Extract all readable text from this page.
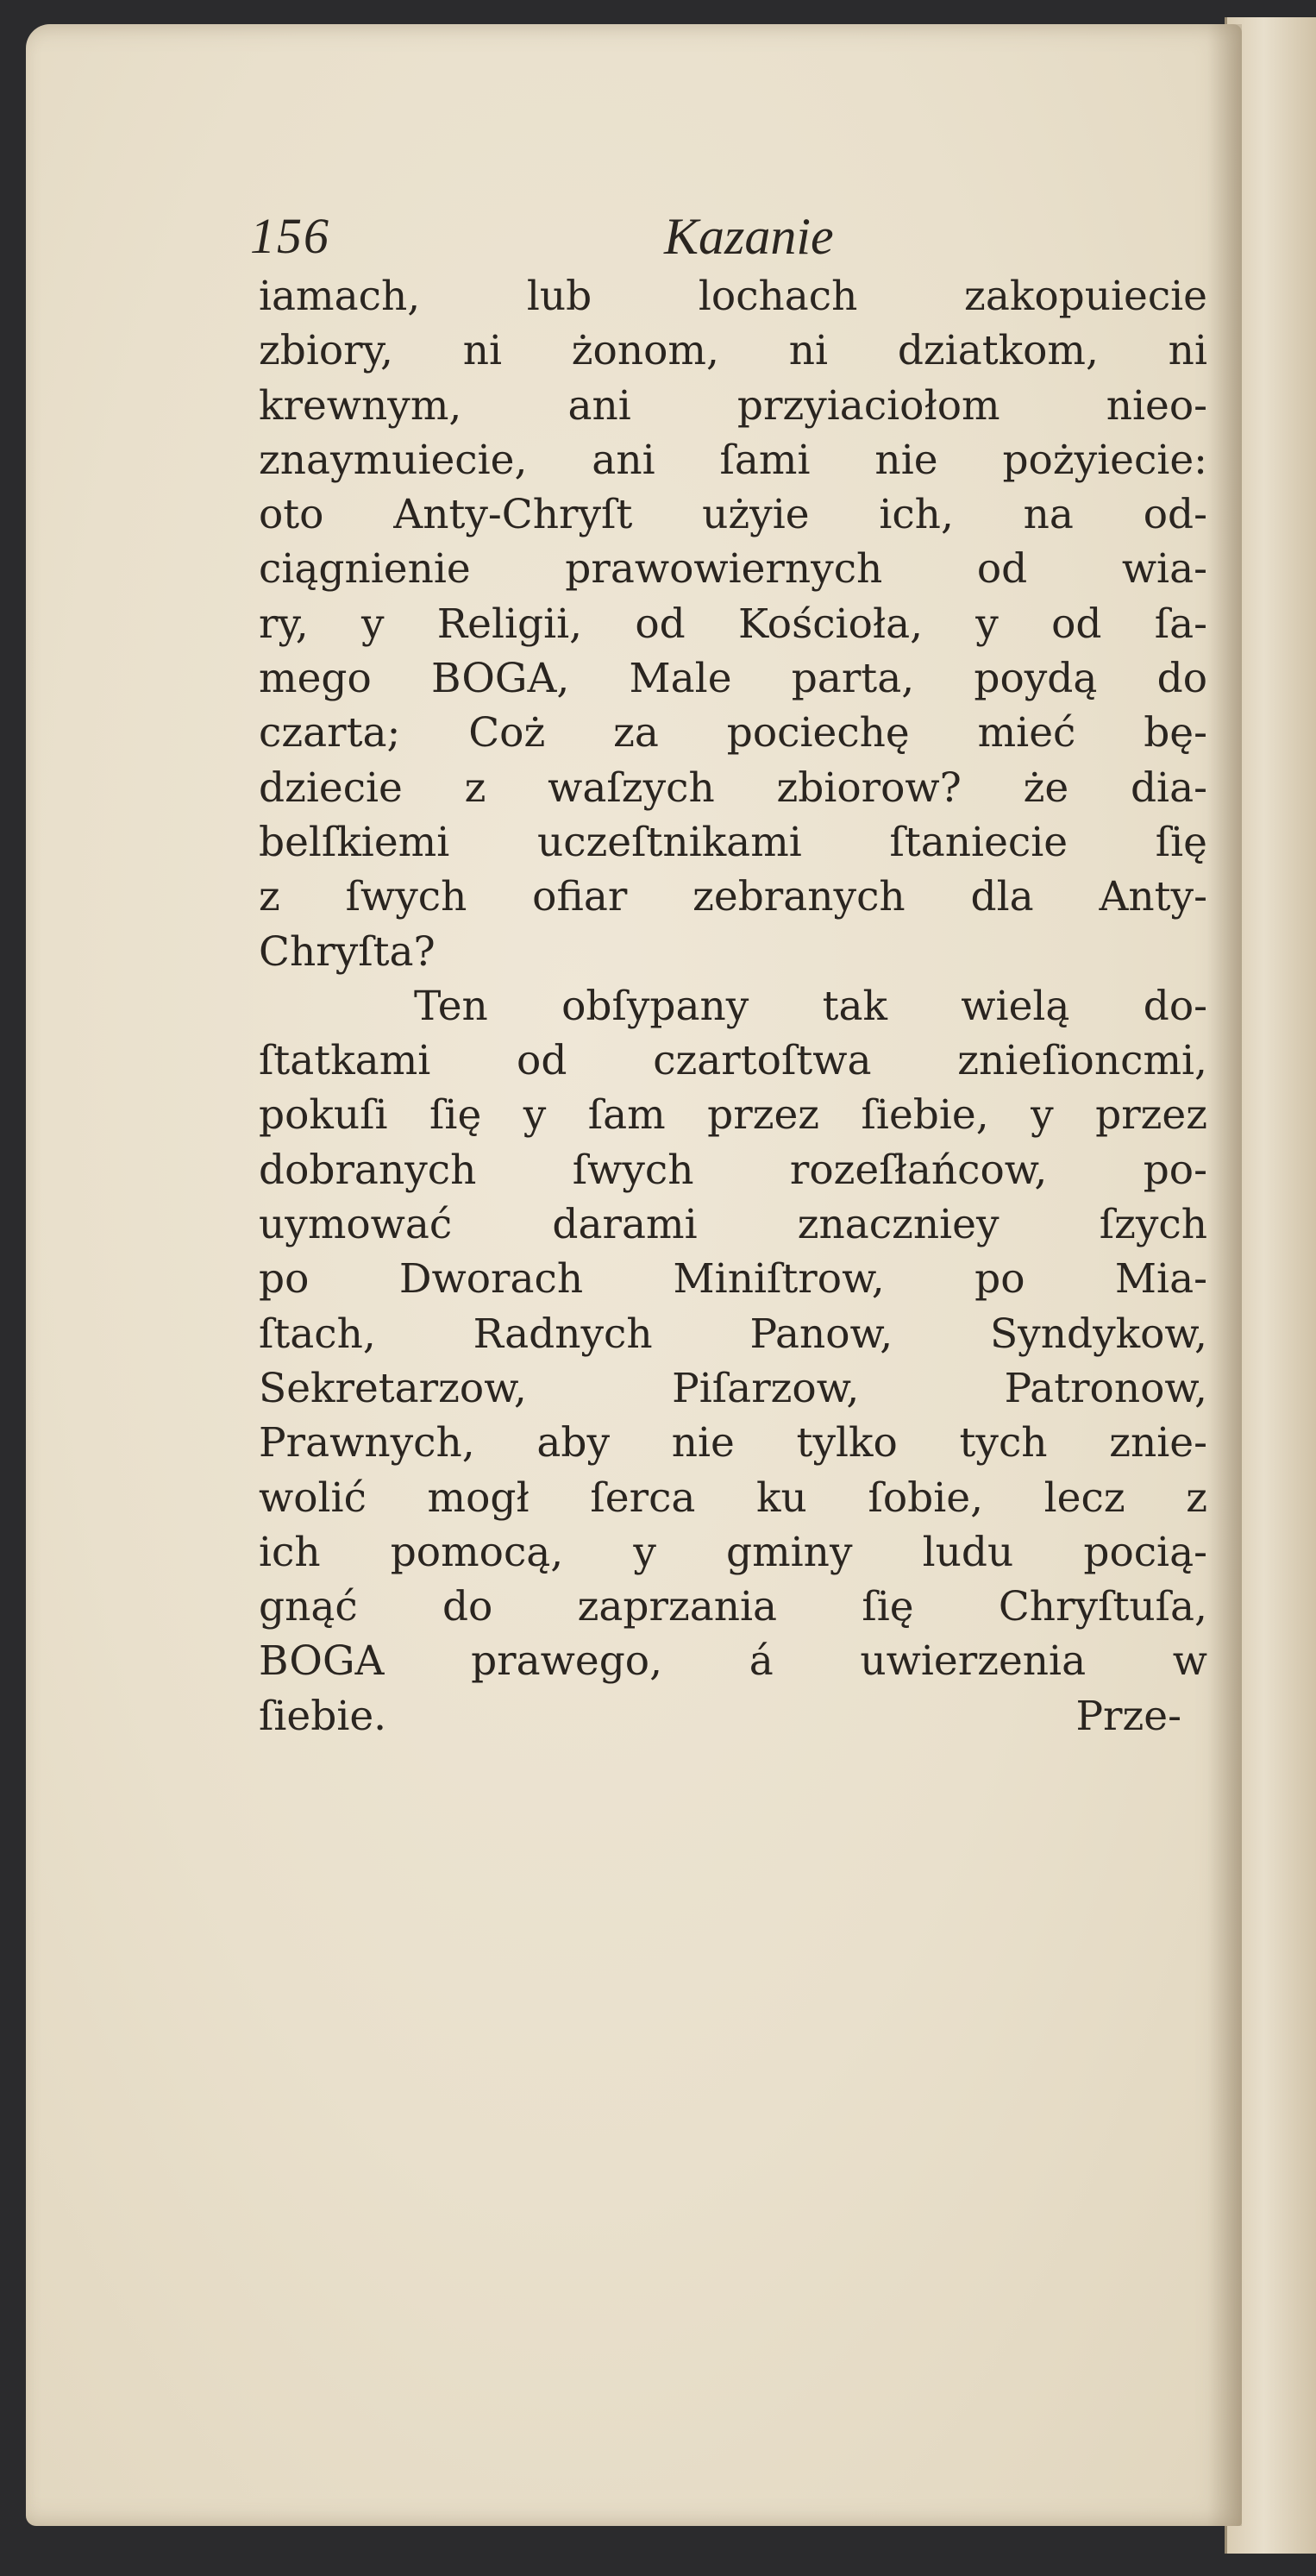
156	Kazanie
iamach, lub lochach zakopuiecie
zbiory, ni żonom, ni dziatkom, ni
krewnym, ani przyiaciołom nieo-
znaymuiecie, ani ſami nie pożyiecie:
oto Anty-Chryſt użyie ich, na od-
ciągnienie prawowiernych od wia-
ry, y Religii, od Kościoła, y od ſa-
mego BOGA, Male parta, poydą do
czarta; Coż za pociechę mieć bę-
dziecie z waſzych zbiorow? że dia-
belſkiemi uczeſtnikami ſtaniecie ſię
z ſwych ofiar zebranych dla Anty-
Chryſta?
Ten obſypany tak wielą do-
ſtatkami od czartoſtwa znieſioncmi,
pokuſi ſię y ſam przez ſiebie, y przez
dobranych ſwych rozeſłańcow, po-
uymować darami znaczniey ſzych
po Dworach Miniſtrow, po Mia-
ſtach, Radnych Panow, Syndykow,
Sekretarzow, Piſarzow, Patronow,
Prawnych, aby nie tylko tych znie-
wolić mogł ſerca ku ſobie, lecz z
ich pomocą, y gminy ludu pocią-
gnąć do zaprzania ſię Chryſtuſa,
BOGA prawego, á uwierzenia w
ſiebie.	Prze-
